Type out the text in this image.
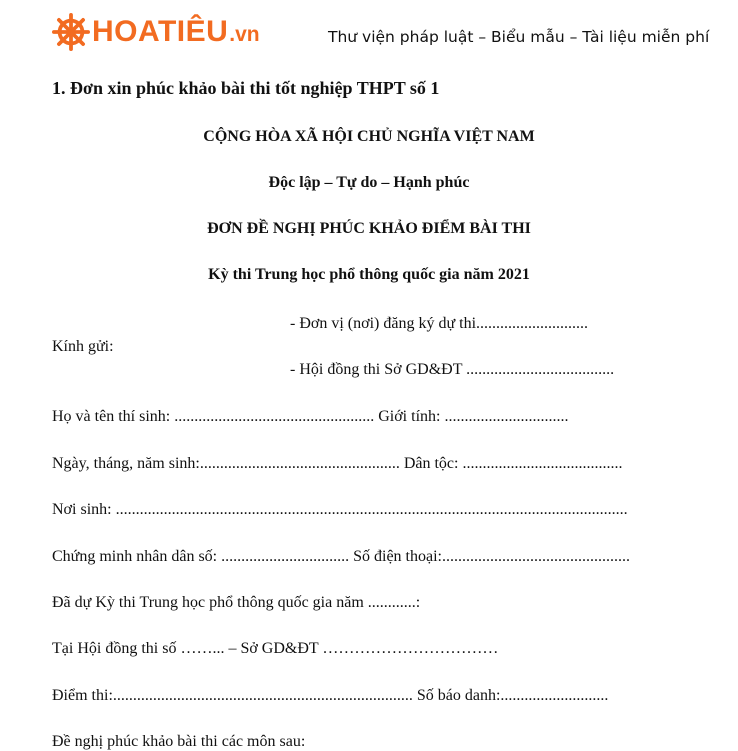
HOATIÊU .vn	Thư viện pháp luật – Biểu mẫu – Tài liệu miễn phí
1. Đơn xin phúc khảo bài thi tốt nghiệp THPT số 1
CỘNG HÒA XÃ HỘI CHỦ NGHĨA VIỆT NAM
Độc lập – Tự do – Hạnh phúc
ĐƠN ĐỀ NGHỊ PHÚC KHẢO ĐIỂM BÀI THI
Kỳ thi Trung học phổ thông quốc gia năm 2021
- Đơn vị (nơi) đăng ký dự thi............................
Kính gửi:
- Hội đồng thi Sở GD&ĐT .....................................
Họ và tên thí sinh: .................................................. Giới tính: ...............................
Ngày, tháng, năm sinh:.................................................. Dân tộc: ........................................
Nơi sinh: ................................................................................................................................
Chứng minh nhân dân số: ................................ Số điện thoại:...............................................
Đã dự Kỳ thi Trung học phổ thông quốc gia năm ............:
Tại Hội đồng thi số ……... – Sở GD&ĐT ……………………………
Điểm thi:........................................................................... Số báo danh:...........................
Đề nghị phúc khảo bài thi các môn sau:
